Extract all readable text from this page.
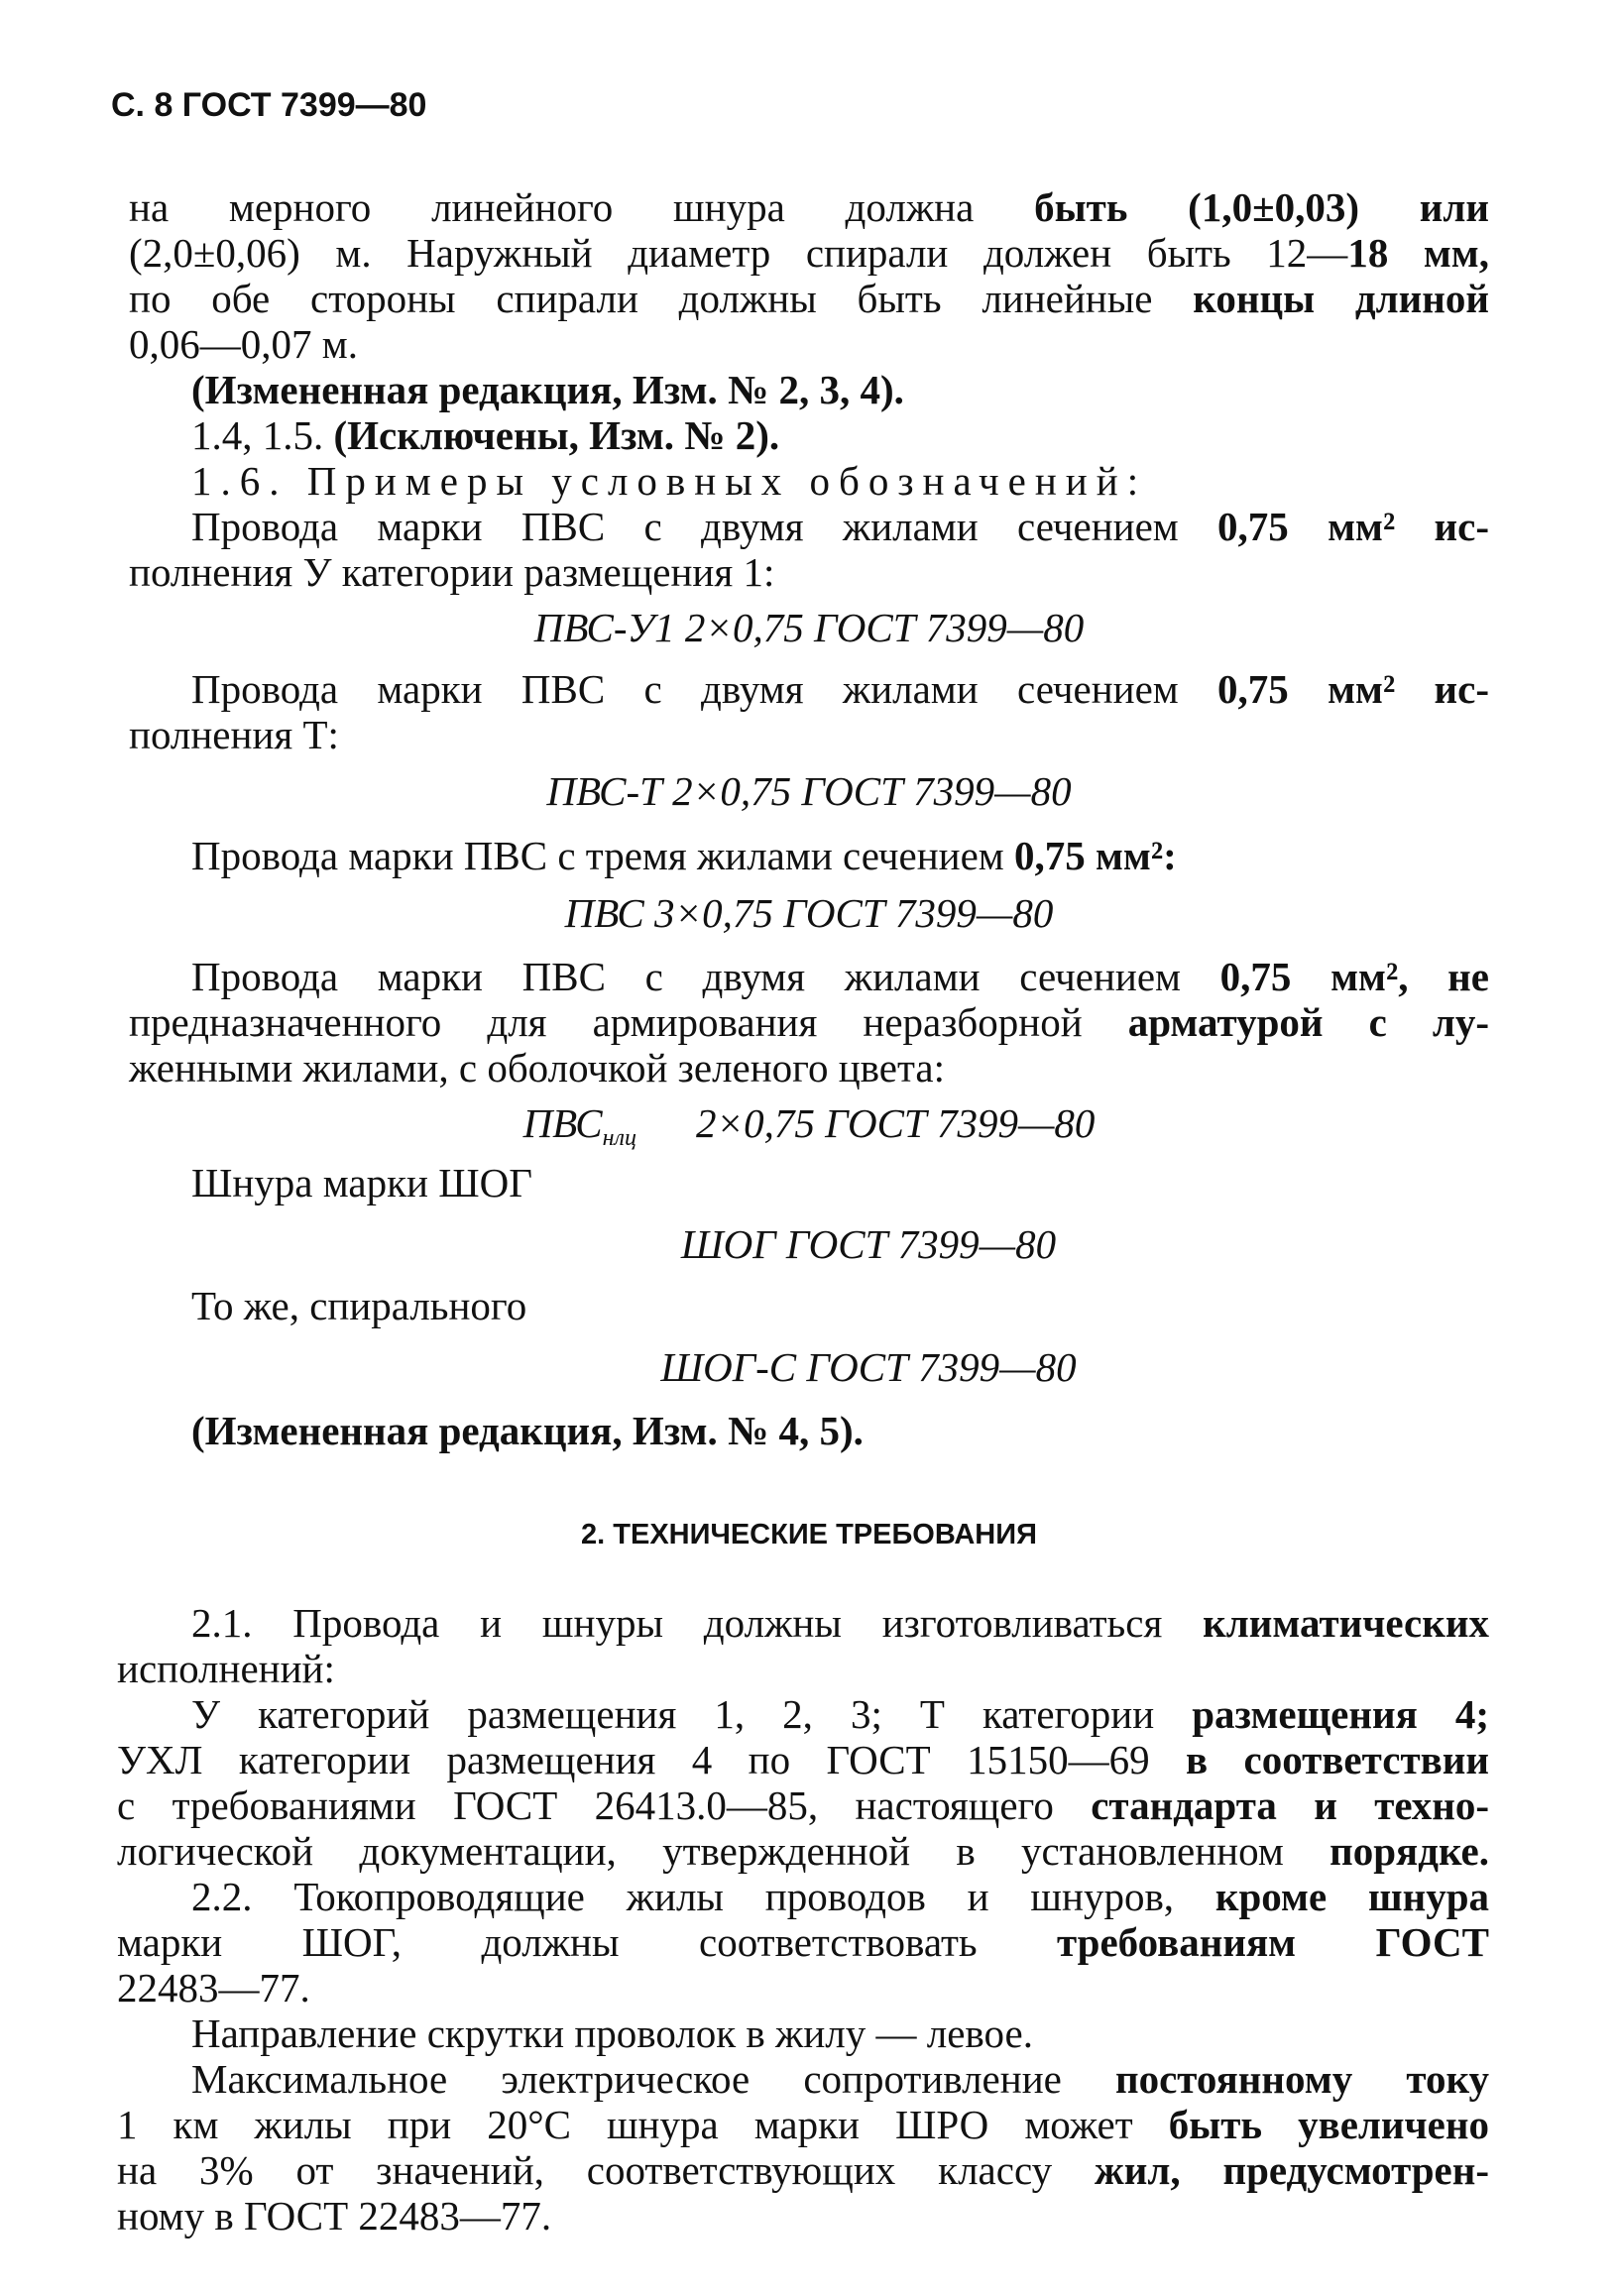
С. 8 ГОСТ 7399—80
на мерного линейного шнура должна быть (1,0±0,03) или
(2,0±0,06) м. Наружный диаметр спирали должен быть 12—18 мм,
по обе стороны спирали должны быть линейные концы длиной
0,06—0,07 м.
(Измененная редакция, Изм. № 2, 3, 4).
1.4, 1.5. (Исключены, Изм. № 2).
1.6. Примеры условных обозначений:
Провода марки ПВС с двумя жилами сечением 0,75 мм² ис-
полнения У категории размещения 1:
ПВС-У1 2×0,75 ГОСТ 7399—80
Провода марки ПВС с двумя жилами сечением 0,75 мм² ис-
полнения Т:
ПВС-Т 2×0,75 ГОСТ 7399—80
Провода марки ПВС с тремя жилами сечением 0,75 мм²:
ПВС 3×0,75 ГОСТ 7399—80
Провода марки ПВС с двумя жилами сечением 0,75 мм², не
предназначенного для армирования неразборной арматурой с лу-
женными жилами, с оболочкой зеленого цвета:
$ПВС_{нлц}$ 2×0,75 ГОСТ 7399—80
Шнура марки ШОГ
ШОГ ГОСТ 7399—80
То же, спирального
ШОГ-С ГОСТ 7399—80
(Измененная редакция, Изм. № 4, 5).
2. ТЕХНИЧЕСКИЕ ТРЕБОВАНИЯ
2.1. Провода и шнуры должны изготовливаться климатических
исполнений:
У категорий размещения 1, 2, 3; Т категории размещения 4;
УХЛ категории размещения 4 по ГОСТ 15150—69 в соответствии
с требованиями ГОСТ 26413.0—85, настоящего стандарта и техно-
логической документации, утвержденной в установленном порядке.
2.2. Токопроводящие жилы проводов и шнуров, кроме шнура
марки ШОГ, должны соответствовать требованиям ГОСТ
22483—77.
Направление скрутки проволок в жилу — левое.
Максимальное электрическое сопротивление постоянному току
1 км жилы при 20°С шнура марки ШРО может быть увеличено
на 3% от значений, соответствующих классу жил, предусмотрен-
ному в ГОСТ 22483—77.
